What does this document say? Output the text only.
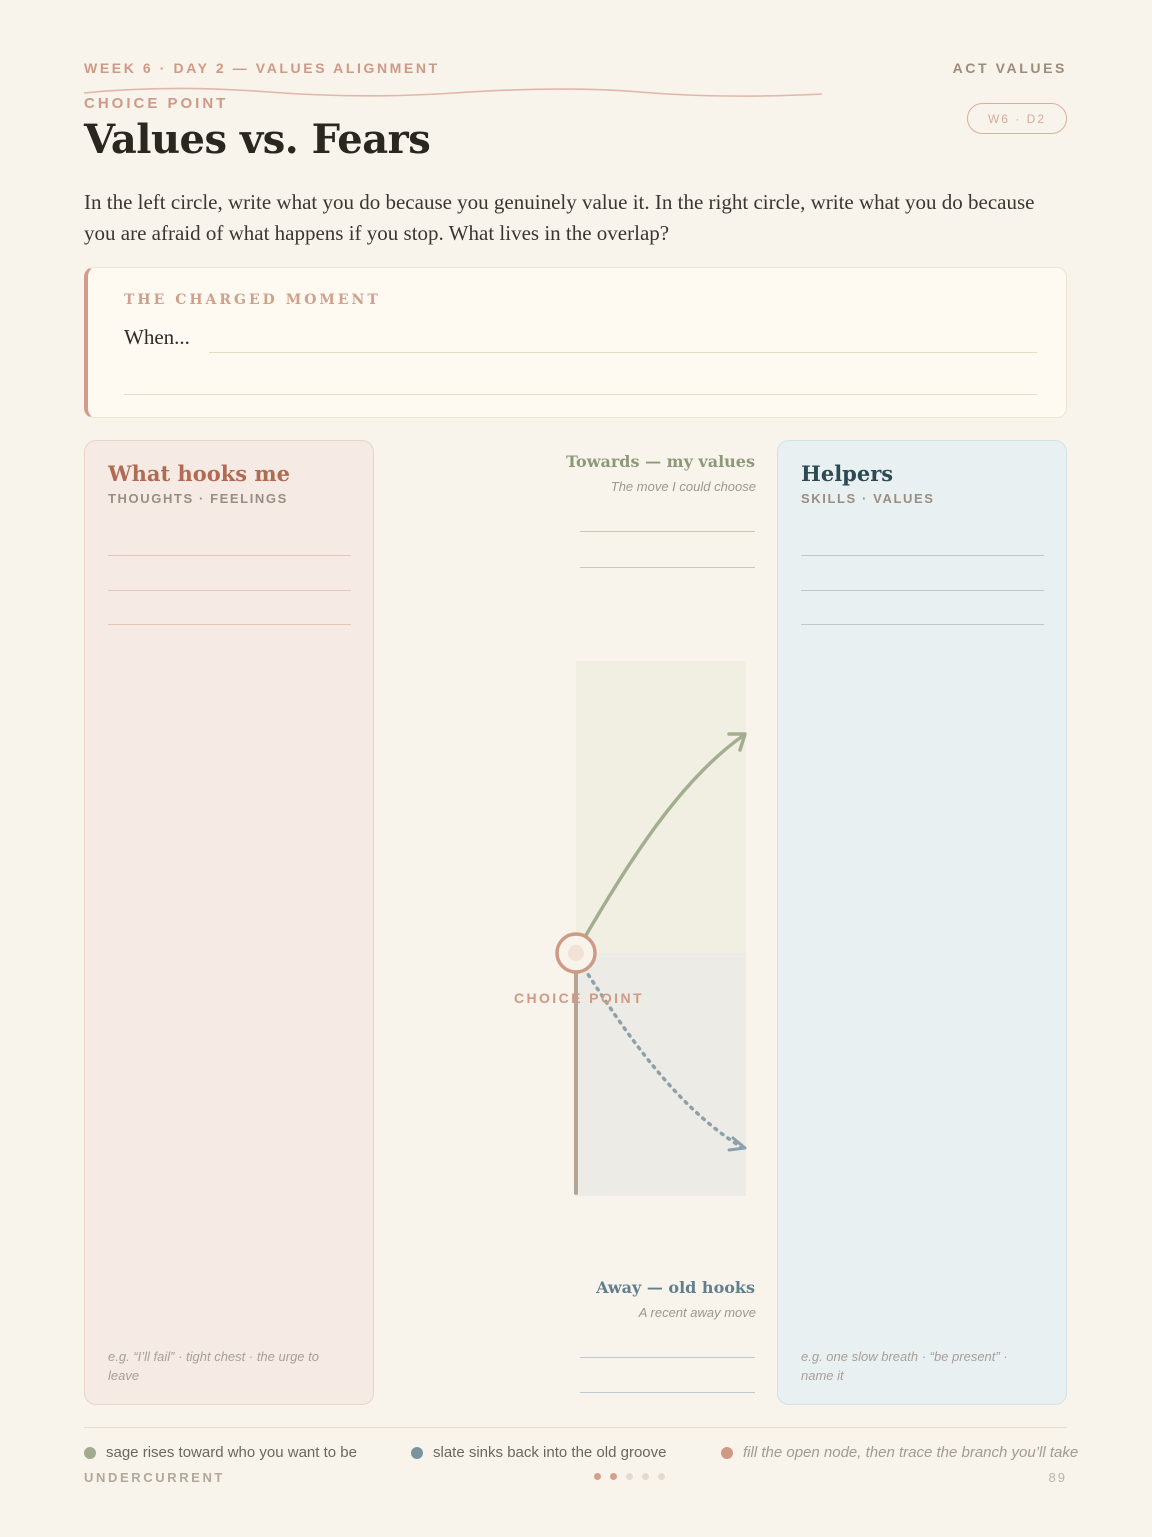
WEEK 6 · DAY 2 — VALUES ALIGNMENT	ACT VALUES
CHOICE POINT
W6 · D2
Values vs. Fears

In the left circle, write what you do because you genuinely value it. In the right circle, write what you do because you are afraid of what happens if you stop. What lives in the overlap?

THE CHARGED MOMENT
When...
What hooks me
THOUGHTS · FEELINGS
e.g. “I’ll fail” · tight chest · the urge to leave
Helpers
SKILLS · VALUES
e.g. one slow breath · “be present” · name it
Towards — my values
The move I could choose
CHOICE POINT
Away — old hooks
A recent away move
sage rises toward who you want to be	slate sinks back into the old groove	fill the open node, then trace the branch you’ll take
UNDERCURRENT	89
